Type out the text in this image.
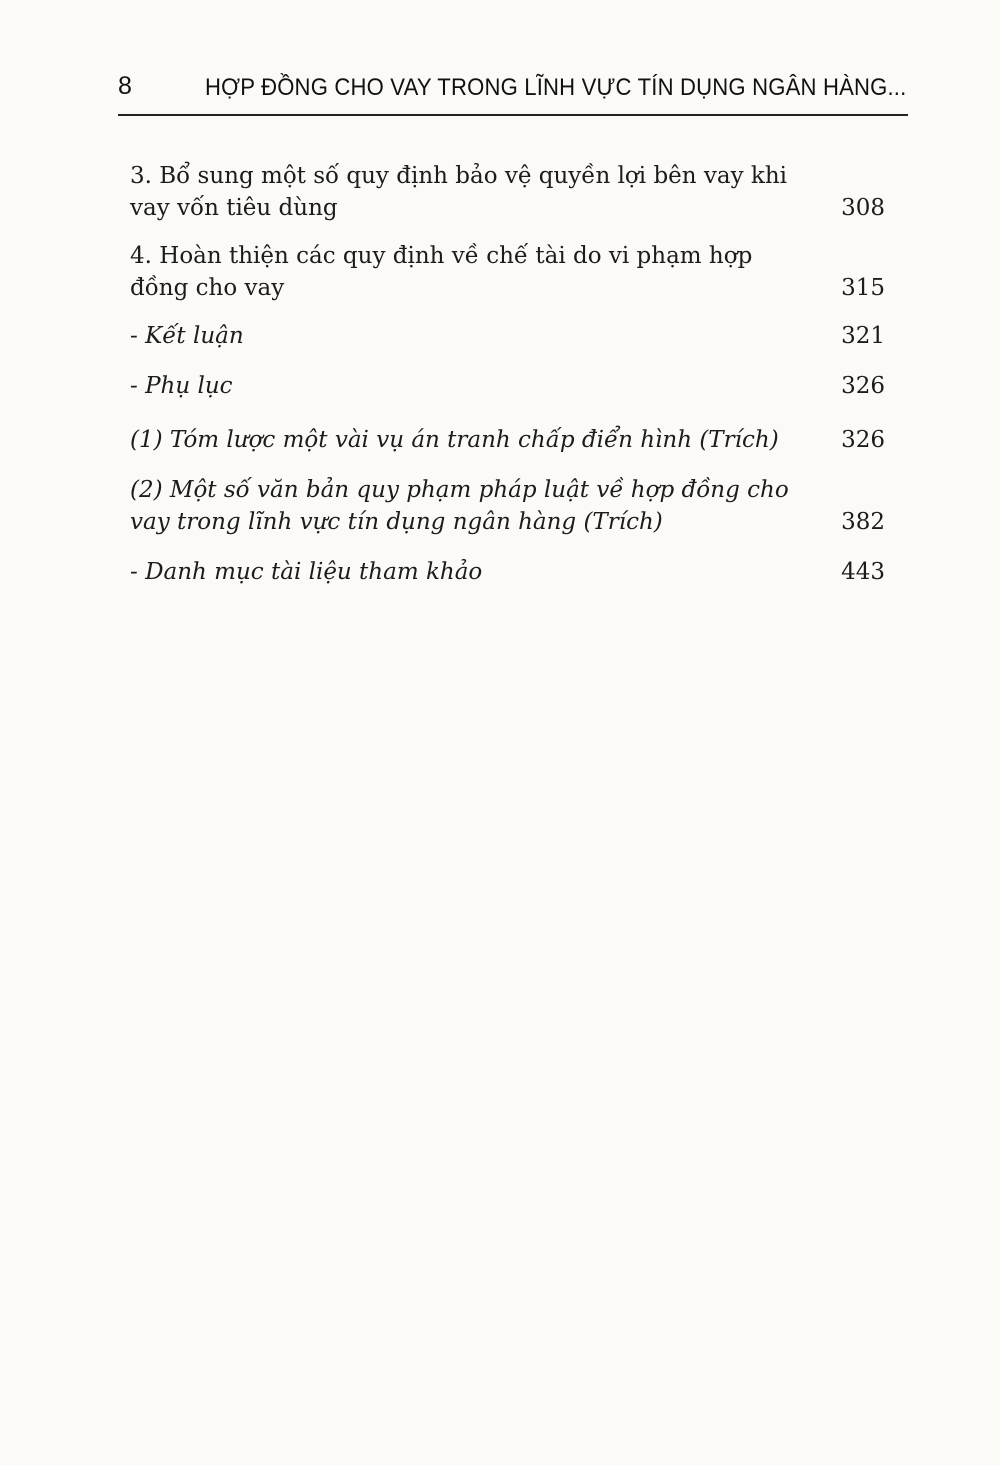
8	HỢP ĐỒNG CHO VAY TRONG LĨNH VỰC TÍN DỤNG NGÂN HÀNG...
3. Bổ sung một số quy định bảo vệ quyền lợi bên vay khi vay vốn tiêu dùng	308
4. Hoàn thiện các quy định về chế tài do vi phạm hợp đồng cho vay	315
- Kết luận	321
- Phụ lục	326
(1) Tóm lược một vài vụ án tranh chấp điển hình (Trích)	326
(2) Một số văn bản quy phạm pháp luật về hợp đồng cho vay trong lĩnh vực tín dụng ngân hàng (Trích)	382
- Danh mục tài liệu tham khảo	443
